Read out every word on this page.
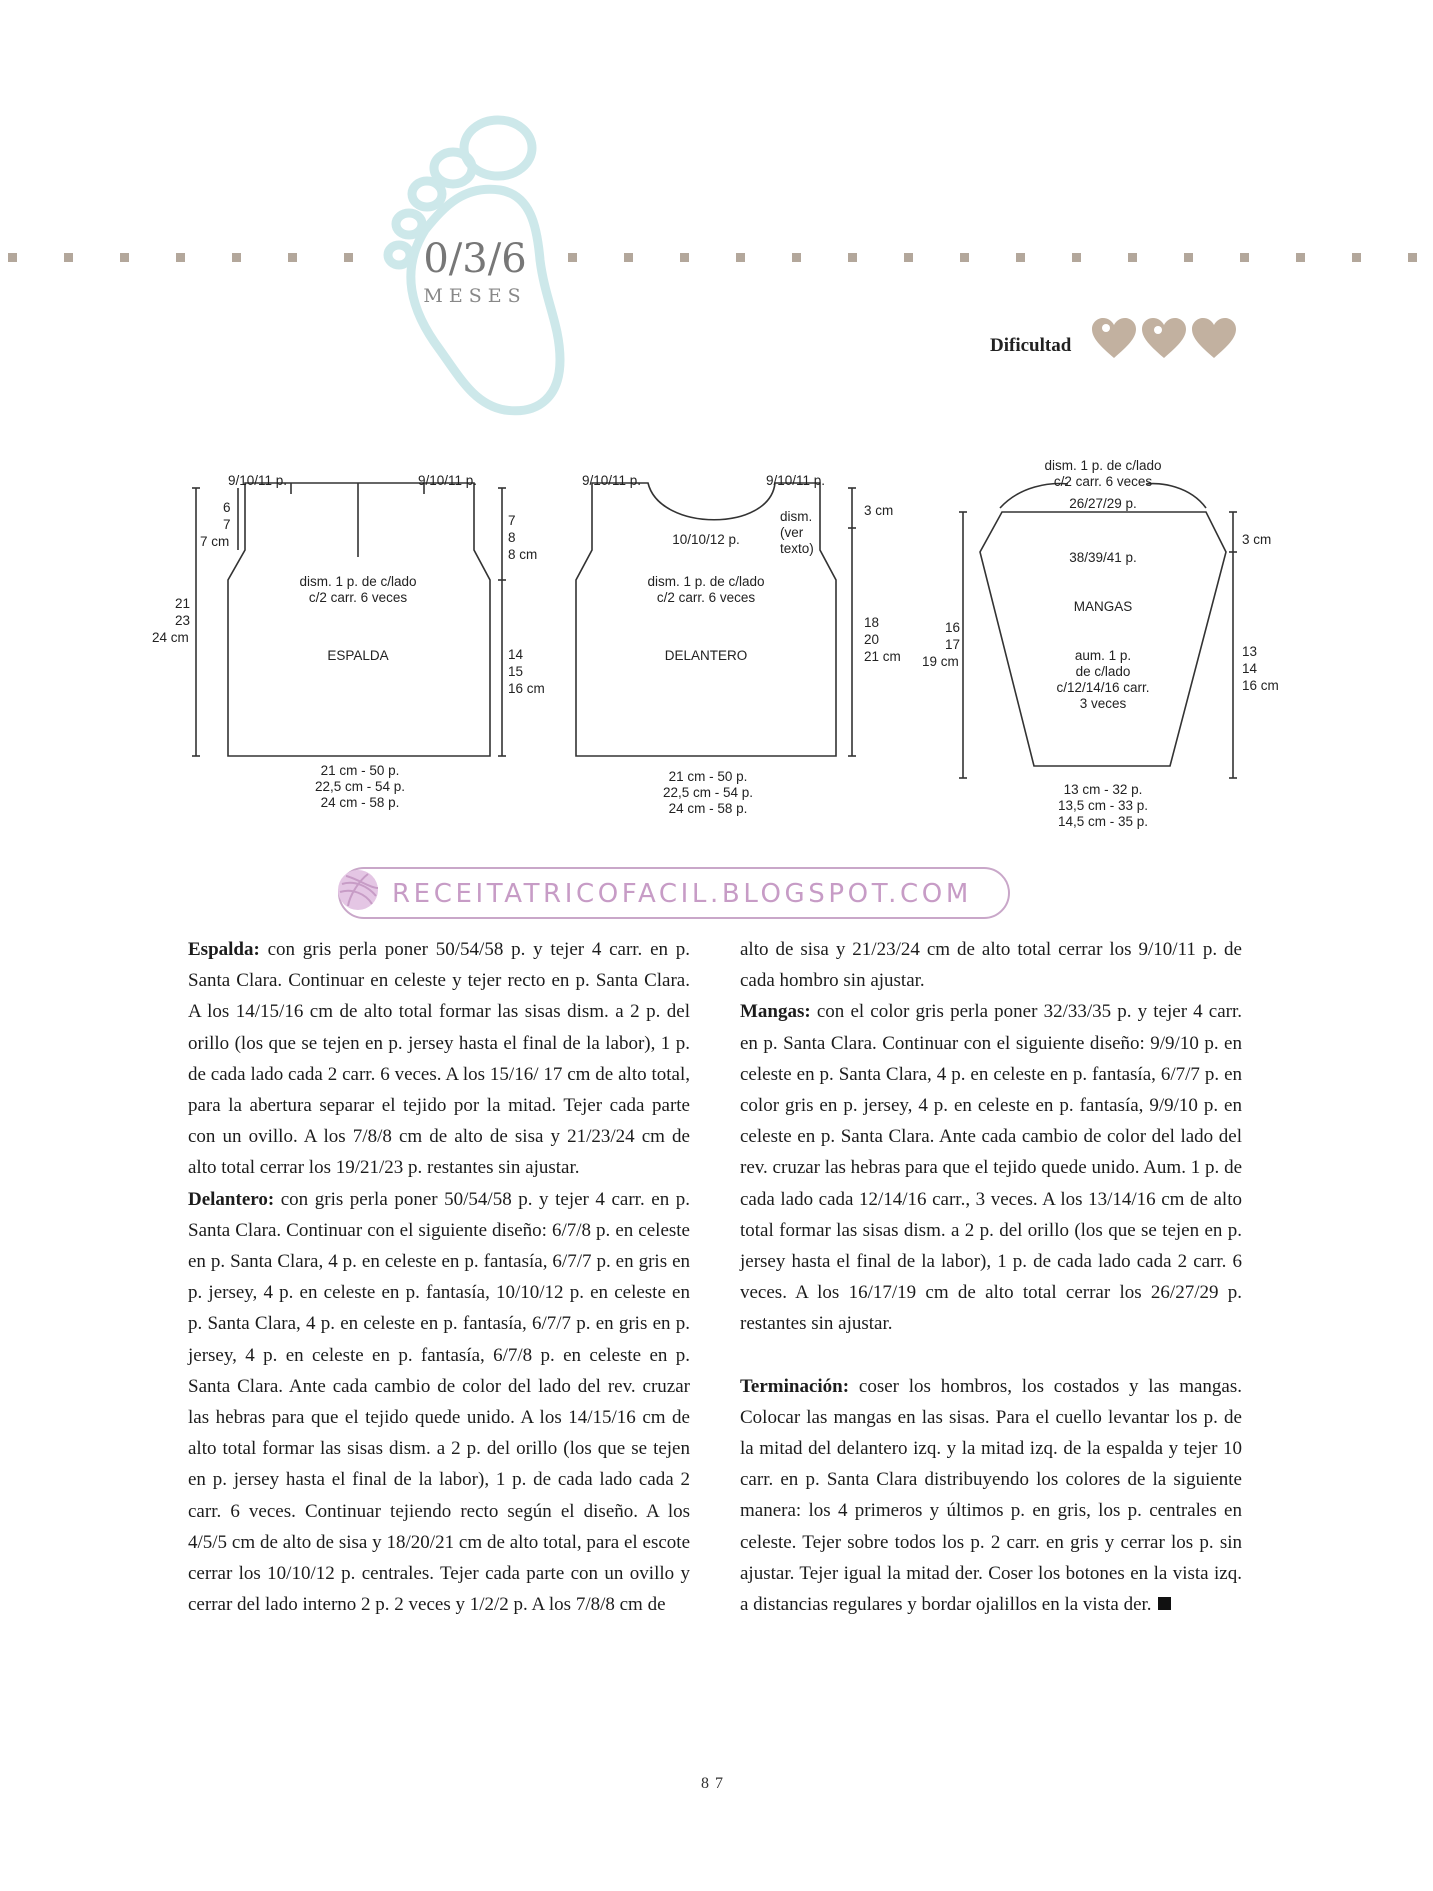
0/3/6
MESES
Dificultad
9/10/11 p.	9/10/11 p.
6
7
7 cm
21
23
24 cm
7
8
8 cm
14
15
16 cm
dism. 1 p. de c/lado
c/2 carr. 6 veces
ESPALDA
21 cm - 50 p.
22,5 cm - 54 p.
24 cm - 58 p.
9/10/11 p.	9/10/11 p.
10/10/12 p.
dism.
(ver
texto)
3 cm
18
20
21 cm
dism. 1 p. de c/lado
c/2 carr. 6 veces
DELANTERO
21 cm - 50 p.
22,5 cm - 54 p.
24 cm - 58 p.
dism. 1 p. de c/lado
c/2 carr. 6 veces
26/27/29 p.
38/39/41 p.
MANGAS
aum. 1 p.
de c/lado
c/12/14/16 carr.
3 veces
16
17
19 cm
3 cm
13
14
16 cm
13 cm - 32 p.
13,5 cm - 33 p.
14,5 cm - 35 p.
RECEITATRICOFACIL.BLOGSPOT.COM

Espalda: con gris perla poner 50/54/58 p. y tejer 4 carr. en p. Santa Clara. Continuar en celeste y tejer recto en p. Santa Clara. A los 14/15/16 cm de alto total formar las sisas dism. a 2 p. del orillo (los que se tejen en p. jersey hasta el final de la labor), 1 p. de cada lado cada 2 carr. 6 veces. A los 15/16/ 17 cm de alto total, para la abertura separar el tejido por la mitad. Tejer cada parte con un ovillo. A los 7/8/8 cm de alto de sisa y 21/23/24 cm de alto total cerrar los 19/21/23 p. restantes sin ajustar.

Delantero: con gris perla poner 50/54/58 p. y tejer 4 carr. en p. Santa Clara. Continuar con el siguiente diseño: 6/7/8 p. en celeste en p. Santa Clara, 4 p. en celeste en p. fantasía, 6/7/7 p. en gris en p. jersey, 4 p. en celeste en p. fantasía, 10/10/12 p. en celeste en p. Santa Clara, 4 p. en celeste en p. fantasía, 6/7/7 p. en gris en p. jersey, 4 p. en celeste en p. fantasía, 6/7/8 p. en celeste en p. Santa Clara. Ante cada cambio de color del lado del rev. cruzar las hebras para que el tejido quede unido. A los 14/15/16 cm de alto total formar las sisas dism. a 2 p. del orillo (los que se tejen en p. jersey hasta el final de la labor), 1 p. de cada lado cada 2 carr. 6 veces. Continuar tejiendo recto según el diseño. A los 4/5/5 cm de alto de sisa y 18/20/21 cm de alto total, para el escote cerrar los 10/10/12 p. centrales. Tejer cada parte con un ovillo y cerrar del lado interno 2 p. 2 veces y 1/2/2 p. A los 7/8/8 cm de

alto de sisa y 21/23/24 cm de alto total cerrar los 9/10/11 p. de cada hombro sin ajustar.

Mangas: con el color gris perla poner 32/33/35 p. y tejer 4 carr. en p. Santa Clara. Continuar con el siguiente diseño: 9/9/10 p. en celeste en p. Santa Clara, 4 p. en celeste en p. fantasía, 6/7/7 p. en color gris en p. jersey, 4 p. en celeste en p. fantasía, 9/9/10 p. en celeste en p. Santa Clara. Ante cada cambio de color del lado del rev. cruzar las hebras para que el tejido quede unido. Aum. 1 p. de cada lado cada 12/14/16 carr., 3 veces. A los 13/14/16 cm de alto total formar las sisas dism. a 2 p. del orillo (los que se tejen en p. jersey hasta el final de la labor), 1 p. de cada lado cada 2 carr. 6 veces. A los 16/17/19 cm de alto total cerrar los 26/27/29 p. restantes sin ajustar.

Terminación: coser los hombros, los costados y las mangas. Colocar las mangas en las sisas. Para el cuello levantar los p. de la mitad del delantero izq. y la mitad izq. de la espalda y tejer 10 carr. en p. Santa Clara distribuyendo los colores de la siguiente manera: los 4 primeros y últimos p. en gris, los p. centrales en celeste. Tejer sobre todos los p. 2 carr. en gris y cerrar los p. sin ajustar. Tejer igual la mitad der. Coser los botones en la vista izq. a distancias regulares y bordar ojalillos en la vista der.

87
